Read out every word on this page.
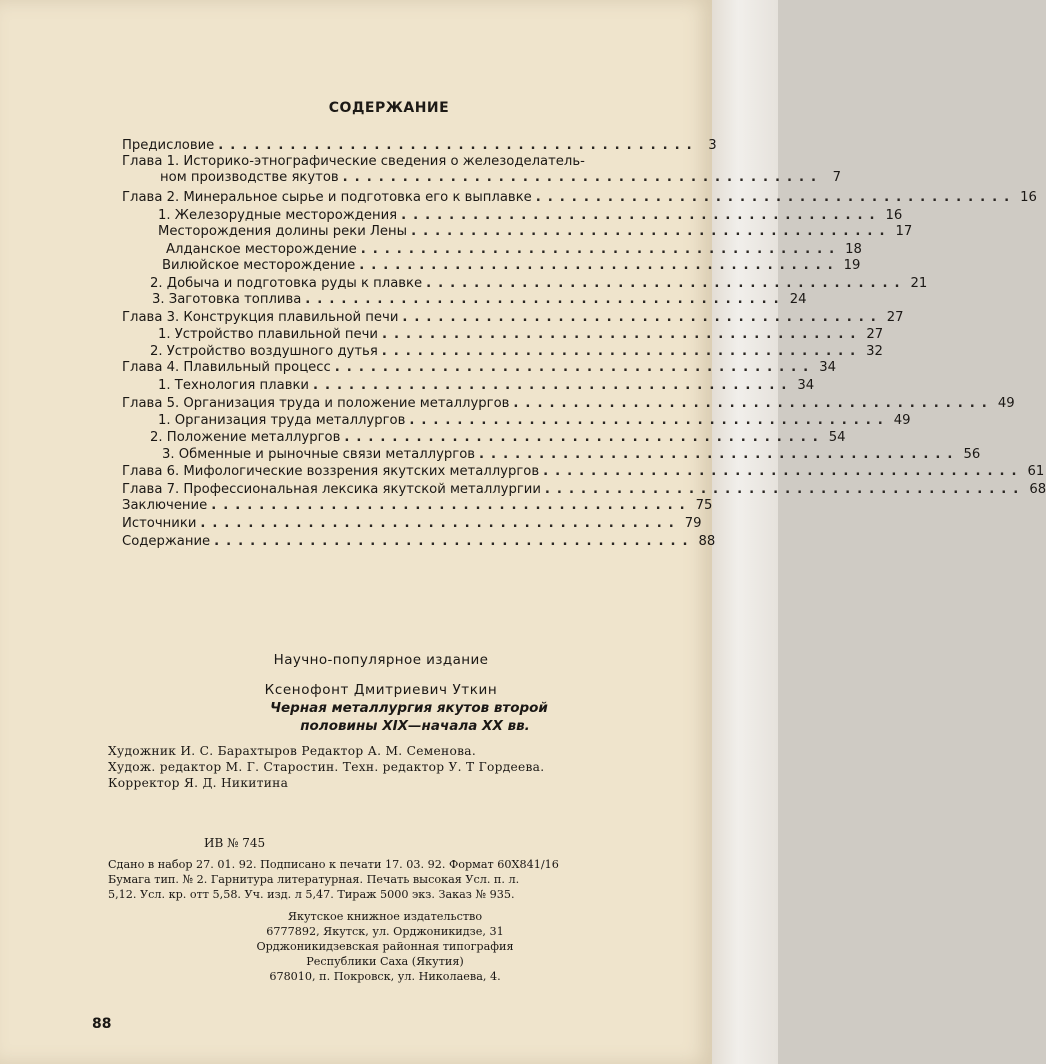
СОДЕРЖАНИЕ
Предисловие ........................................ 3
Глава 1. Историко-этнографические сведения о железоделатель-
ном производстве якутов ........................................ 7
Глава 2. Минеральное сырье и подготовка его к выплавке ........................................ 16
1. Железорудные месторождения ........................................ 16
Месторождения долины реки Лены ........................................ 17
Алданское месторождение ........................................ 18
Вилюйское месторождение ........................................ 19
2. Добыча и подготовка руды к плавке ........................................ 21
3. Заготовка топлива ........................................ 24
Глава 3. Конструкция плавильной печи ........................................ 27
1. Устройство плавильной печи ........................................ 27
2. Устройство воздушного дутья ........................................ 32
Глава 4. Плавильный процесс ........................................ 34
1. Технология плавки ........................................ 34
Глава 5. Организация труда и положение металлургов ........................................ 49
1. Организация труда металлургов ........................................ 49
2. Положение металлургов ........................................ 54
3. Обменные и рыночные связи металлургов ........................................ 56
Глава 6. Мифологические воззрения якутских металлургов ........................................ 61
Глава 7. Профессиональная лексика якутской металлургии ........................................ 68
Заключение ........................................ 75
Источники ........................................ 79
Содержание ........................................ 88
Научно-популярное издание
Ксенофонт Дмитриевич Уткин
Черная металлургия якутов второй
половины XIX—начала XX вв.
Художник И. С. Барахтыров Редактор А. М. Семенова.
Худож. редактор М. Г. Старостин. Техн. редактор У. Т Гордеева.
Корректор Я. Д. Никитина
ИВ № 745
Сдано в набор 27. 01. 92. Подписано к печати 17. 03. 92. Формат 60Х841/16
Бумага тип. № 2. Гарнитура литературная. Печать высокая Усл. п. л.
5,12. Усл. кр. отт 5,58. Уч. изд. л 5,47. Тираж 5000 экз. Заказ № 935.
Якутское книжное издательство
6777892, Якутск, ул. Орджоникидзе, 31
Орджоникидзевская районная типография
Республики Саха (Якутия)
678010, п. Покровск, ул. Николаева, 4.
88
